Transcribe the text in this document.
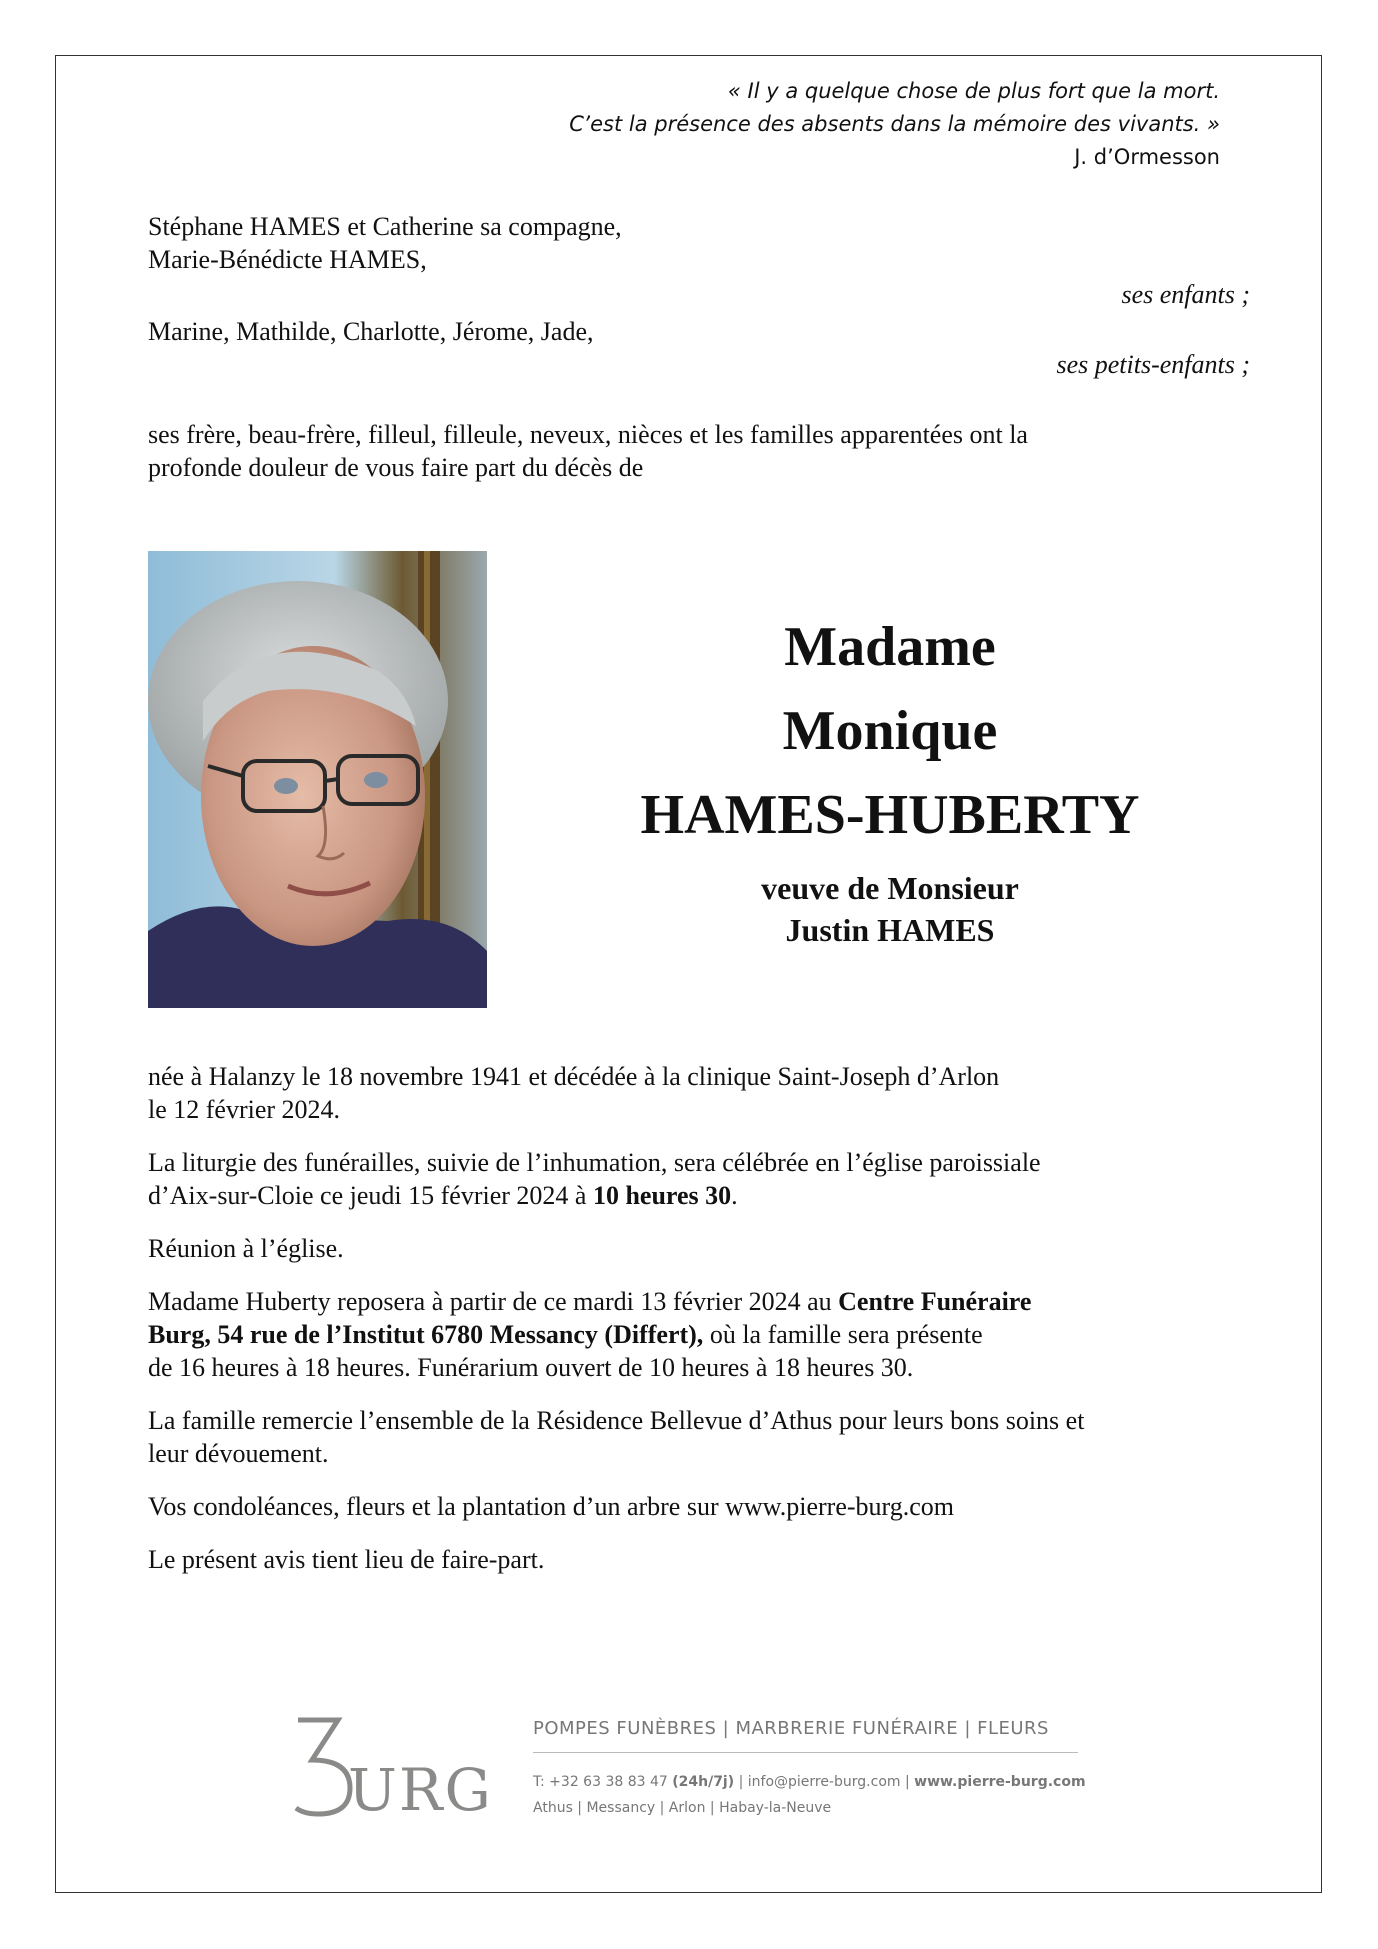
« Il y a quelque chose de plus fort que la mort.
C’est la présence des absents dans la mémoire des vivants. »
J. d’Ormesson
Stéphane HAMES et Catherine sa compagne,
Marie-Bénédicte HAMES,
ses enfants ;
Marine, Mathilde, Charlotte, Jérome, Jade,
ses petits-enfants ;
ses frère, beau-frère, filleul, filleule, neveux, nièces et les familles apparentées ont la
profonde douleur de vous faire part du décès de
Madame
Monique
HAMES-HUBERTY
veuve de Monsieur
Justin HAMES

née à Halanzy le 18 novembre 1941 et décédée à la clinique Saint-Joseph d’Arlon
le 12 février 2024.

La liturgie des funérailles, suivie de l’inhumation, sera célébrée en l’église paroissiale
d’Aix-sur-Cloie ce jeudi 15 février 2024 à 10 heures 30.

Réunion à l’église.

Madame Huberty reposera à partir de ce mardi 13 février 2024 au Centre Funéraire
Burg, 54 rue de l’Institut 6780 Messancy (Differt), où la famille sera présente
de 16 heures à 18 heures. Funérarium ouvert de 10 heures à 18 heures 30.

La famille remercie l’ensemble de la Résidence Bellevue d’Athus pour leurs bons soins et
leur dévouement.

Vos condoléances, fleurs et la plantation d’un arbre sur www.pierre-burg.com

Le présent avis tient lieu de faire-part.

URG
POMPES FUNÈBRES | MARBRERIE FUNÉRAIRE | FLEURS
T: +32 63 38 83 47 (24h/7j) | info@pierre-burg.com | www.pierre-burg.com
Athus | Messancy | Arlon | Habay-la-Neuve
